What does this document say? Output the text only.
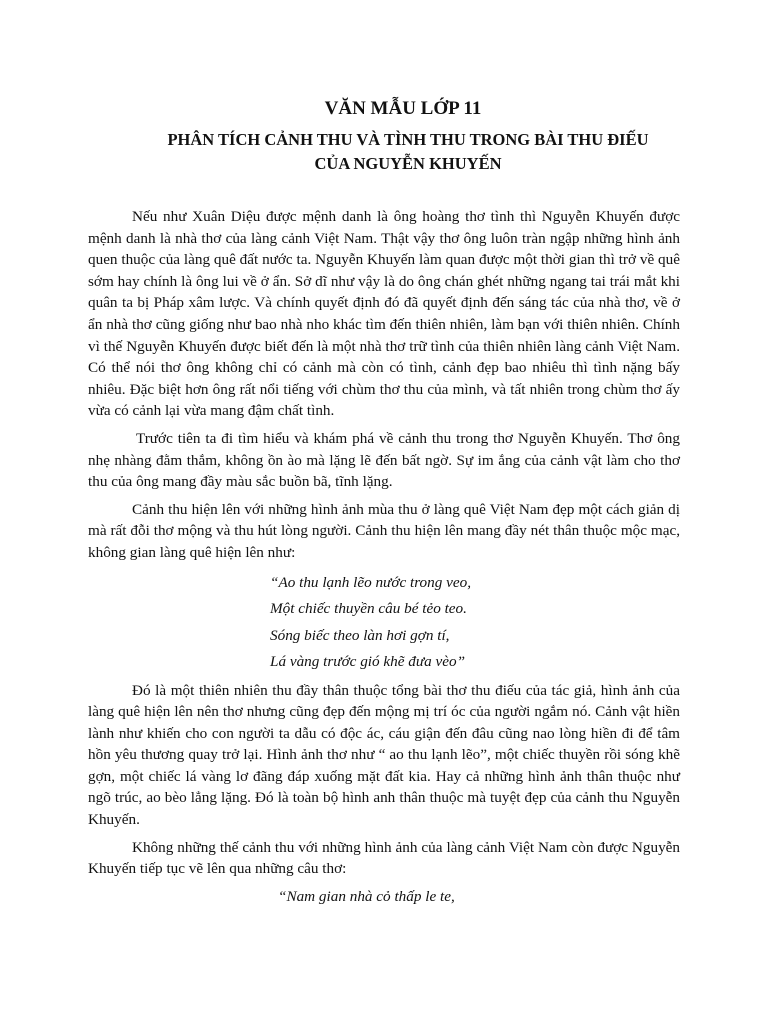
VĂN MẪU LỚP 11
PHÂN TÍCH CẢNH THU VÀ TÌNH THU TRONG BÀI THU ĐIẾU
CỦA NGUYỄN KHUYẾN

Nếu như Xuân Diệu được mệnh danh là ông hoàng thơ tình thì Nguyễn Khuyến được mệnh danh là nhà thơ của làng cảnh Việt Nam. Thật vậy thơ ông luôn tràn ngập những hình ảnh quen thuộc của làng quê đất nước ta. Nguyễn Khuyến làm quan được một thời gian thì trở về quê sớm hay chính là ông lui về ở ẩn. Sở dĩ như vậy là do ông chán ghét những ngang tai trái mắt khi quân ta bị Pháp xâm lược. Và chính quyết định đó đã quyết định đến sáng tác của nhà thơ, về ở ẩn nhà thơ cũng giống như bao nhà nho khác tìm đến thiên nhiên, làm bạn với thiên nhiên. Chính vì thế Nguyễn Khuyến được biết đến là một nhà thơ trữ tình của thiên nhiên làng cảnh Việt Nam. Có thể nói thơ ông không chỉ có cảnh mà còn có tình, cảnh đẹp bao nhiêu thì tình nặng bấy nhiêu. Đặc biệt hơn ông rất nổi tiếng với chùm thơ thu của mình, và tất nhiên trong chùm thơ ấy vừa có cảnh lại vừa mang đậm chất tình.

Trước tiên ta đi tìm hiểu và khám phá về cảnh thu trong thơ Nguyễn Khuyến. Thơ ông nhẹ nhàng đằm thắm, không ồn ào mà lặng lẽ đến bất ngờ. Sự im ắng của cảnh vật làm cho thơ thu của ông mang đầy màu sắc buồn bã, tĩnh lặng.

Cảnh thu hiện lên với những hình ảnh mùa thu ở làng quê Việt Nam đẹp một cách giản dị mà rất đỗi thơ mộng và thu hút lòng người. Cảnh thu hiện lên mang đầy nét thân thuộc mộc mạc, không gian làng quê hiện lên như:

“Ao thu lạnh lẽo nước trong veo,
Một chiếc thuyền câu bé tẻo teo.
Sóng biếc theo làn hơi gợn tí,
Lá vàng trước gió khẽ đưa vèo”

Đó là một thiên nhiên thu đầy thân thuộc tổng bài thơ thu điếu của tác giả, hình ảnh của làng quê hiện lên nên thơ nhưng cũng đẹp đến mộng mị trí óc của người ngắm nó. Cảnh vật hiền lành như khiến cho con người ta dẫu có độc ác, cáu giận đến đâu cũng nao lòng hiền đi để tâm hồn yêu thương quay trở lại. Hình ảnh thơ như “ ao thu lạnh lẽo”, một chiếc thuyền rồi sóng khẽ gợn, một chiếc lá vàng lơ đãng đáp xuống mặt đất kia. Hay cả những hình ảnh thân thuộc như ngõ trúc, ao bèo lẳng lặng. Đó là toàn bộ hình anh thân thuộc mà tuyệt đẹp của cảnh thu Nguyễn Khuyến.

Không những thế cảnh thu với những hình ảnh của làng cảnh Việt Nam còn được Nguyễn Khuyến tiếp tục vẽ lên qua những câu thơ:

“Nam gian nhà cỏ thấp le te,
